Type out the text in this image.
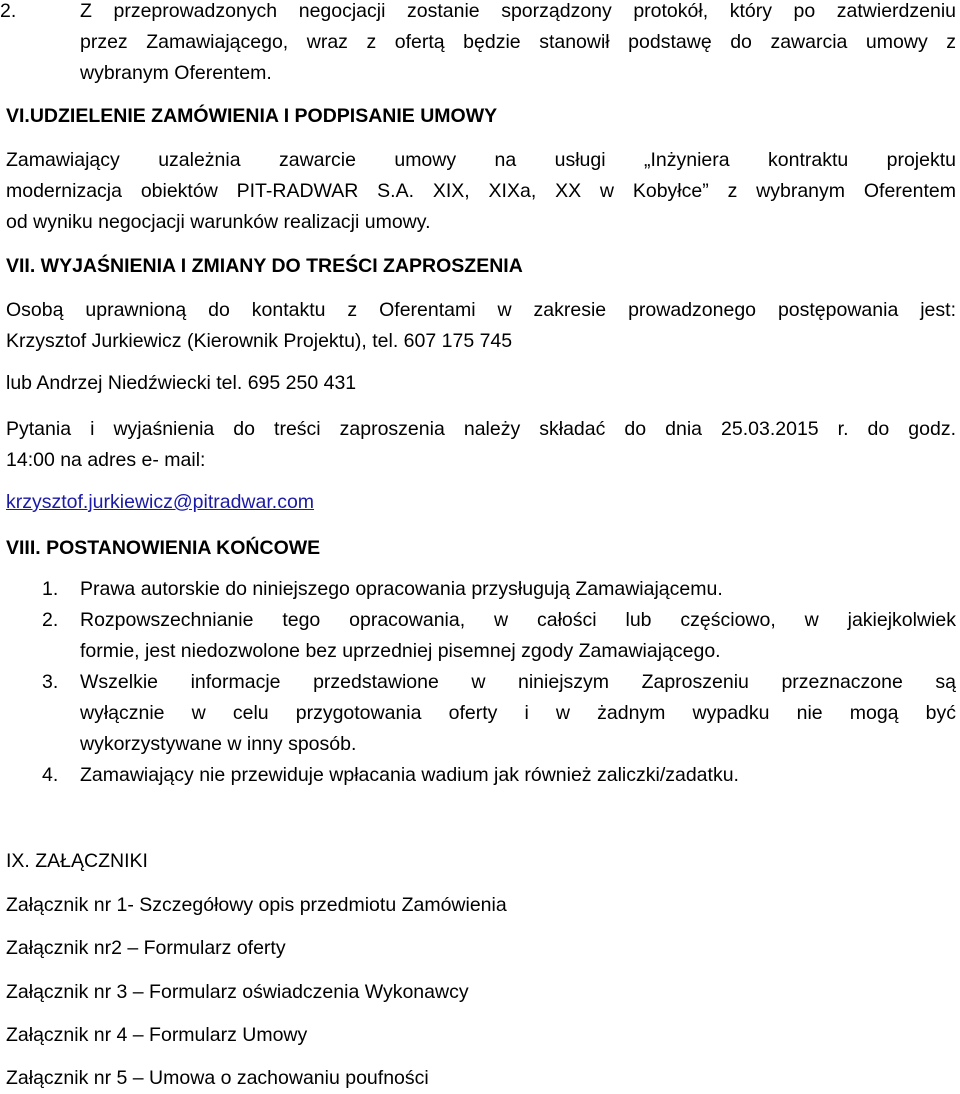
2.	Z przeprowadzonych negocjacji zostanie sporządzony protokół, który po zatwierdzeniu
przez Zamawiającego, wraz z ofertą będzie stanowił podstawę do zawarcia umowy z
wybranym Oferentem.
VI.UDZIELENIE ZAMÓWIENIA I PODPISANIE UMOWY
Zamawiający uzależnia zawarcie umowy na usługi „Inżyniera kontraktu projektu
modernizacja obiektów PIT-RADWAR S.A. XIX, XIXa, XX w Kobyłce” z wybranym Oferentem
od wyniku negocjacji warunków realizacji umowy.
VII. WYJAŚNIENIA I ZMIANY DO TREŚCI ZAPROSZENIA
Osobą uprawnioną do kontaktu z Oferentami w zakresie prowadzonego postępowania jest:
Krzysztof Jurkiewicz (Kierownik Projektu), tel. 607 175 745
lub Andrzej Niedźwiecki tel. 695 250 431
Pytania i wyjaśnienia do treści zaproszenia należy składać do dnia 25.03.2015 r. do godz.
14:00 na adres e- mail:
krzysztof.jurkiewicz@pitradwar.com
VIII. POSTANOWIENIA KOŃCOWE
1. Prawa autorskie do niniejszego opracowania przysługują Zamawiającemu.
2. Rozpowszechnianie tego opracowania, w całości lub częściowo, w jakiejkolwiek
formie, jest niedozwolone bez uprzedniej pisemnej zgody Zamawiającego.
3. Wszelkie informacje przedstawione w niniejszym Zaproszeniu przeznaczone są
wyłącznie w celu przygotowania oferty i w żadnym wypadku nie mogą być
wykorzystywane w inny sposób.
4. Zamawiający nie przewiduje wpłacania wadium jak również zaliczki/zadatku.
IX. ZAŁĄCZNIKI
Załącznik nr 1- Szczegółowy opis przedmiotu Zamówienia
Załącznik nr2 – Formularz oferty
Załącznik nr 3 – Formularz oświadczenia Wykonawcy
Załącznik nr 4 – Formularz Umowy
Załącznik nr 5 – Umowa o zachowaniu poufności
